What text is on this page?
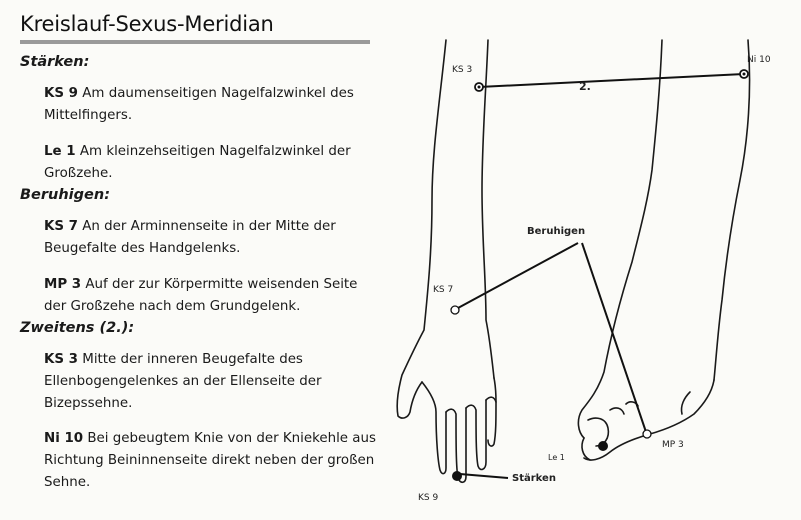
Kreislauf-Sexus-Meridian
Stärken:

KS 9 Am daumenseitigen Nagelfalzwinkel des Mittelfingers.

Le 1 Am kleinzehseitigen Nagelfalzwinkel der Großzehe.

Beruhigen:

KS 7 An der Arminnenseite in der Mitte der Beugefalte des Handgelenks.

MP 3 Auf der zur Körpermitte weisenden Seite der Großzehe nach dem Grundgelenk.

Zweitens (2.):

KS 3 Mitte der inneren Beugefalte des Ellenbogengelenkes an der Ellenseite der Bizepssehne.

Ni 10 Bei gebeugtem Knie von der Kniekehle aus Richtung Beininnenseite direkt neben der großen Sehne.

KS 3
Ni 10
2.
Beruhigen
KS 7
Le 1
MP 3
Stärken
KS 9
